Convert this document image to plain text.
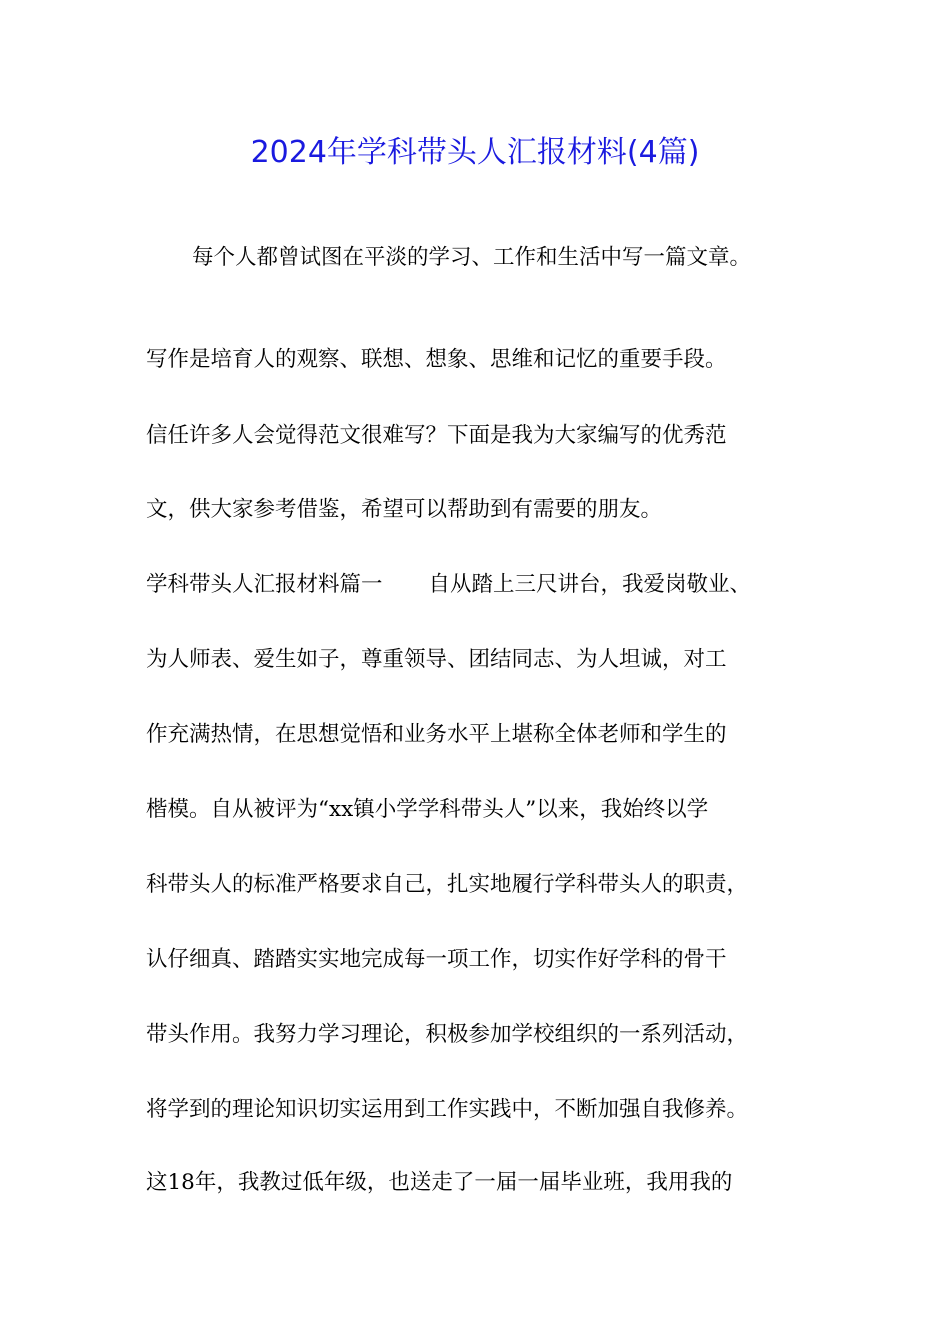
2024年学科带头人汇报材料(4篇)
每个人都曾试图在平淡的学习、工作和生活中写一篇文章。
写作是培育人的观察、联想、想象、思维和记忆的重要手段。
信任许多人会觉得范文很难写？下面是我为大家编写的优秀范
文，供大家参考借鉴，希望可以帮助到有需要的朋友。
学科带头人汇报材料篇一 自从踏上三尺讲台，我爱岗敬业、
为人师表、爱生如子，尊重领导、团结同志、为人坦诚，对工
作充满热情，在思想觉悟和业务水平上堪称全体老师和学生的
楷模。自从被评为“xx镇小学学科带头人”以来，我始终以学
科带头人的标准严格要求自己，扎实地履行学科带头人的职责，
认仔细真、踏踏实实地完成每一项工作，切实作好学科的骨干
带头作用。我努力学习理论，积极参加学校组织的一系列活动，
将学到的理论知识切实运用到工作实践中，不断加强自我修养。
这18年，我教过低年级，也送走了一届一届毕业班，我用我的
